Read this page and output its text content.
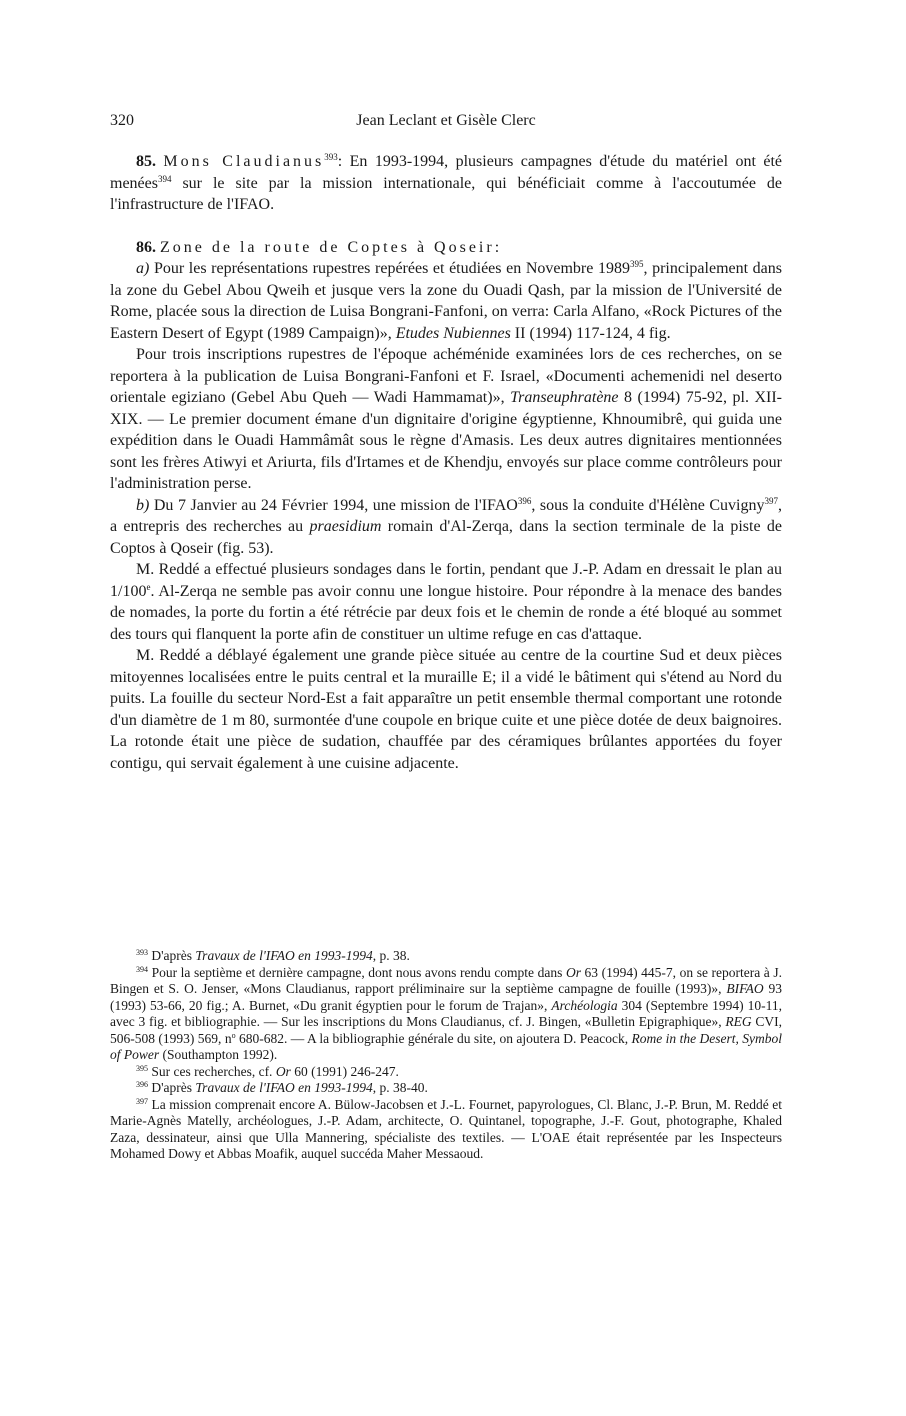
320	Jean Leclant et Gisèle Clerc

85. Mons Claudianus$^{393}$: En 1993-1994, plusieurs campagnes d'étude du matériel ont été menées$^{394}$ sur le site par la mission internationale, qui bénéficiait comme à l'accoutumée de l'infrastructure de l'IFAO.

86. Zone de la route de Coptes à Qoseir:

a) Pour les représentations rupestres repérées et étudiées en Novembre 1989$^{395}$, principalement dans la zone du Gebel Abou Qweih et jusque vers la zone du Ouadi Qash, par la mission de l'Université de Rome, placée sous la direction de Luisa Bongrani-Fanfoni, on verra: Carla Alfano, «Rock Pictures of the Eastern Desert of Egypt (1989 Campaign)», Etudes Nubiennes II (1994) 117-124, 4 fig.

Pour trois inscriptions rupestres de l'époque achéménide examinées lors de ces recherches, on se reportera à la publication de Luisa Bongrani-Fanfoni et F. Israel, «Documenti achemenidi nel deserto orientale egiziano (Gebel Abu Queh — Wadi Hammamat)», Transeuphratène 8 (1994) 75-92, pl. XII-XIX. — Le premier document émane d'un dignitaire d'origine égyptienne, Khnoumibrê, qui guida une expédition dans le Ouadi Hammâmât sous le règne d'Amasis. Les deux autres dignitaires mentionnées sont les frères Atiwyi et Ariurta, fils d'Irtames et de Khendju, envoyés sur place comme contrôleurs pour l'administration perse.

b) Du 7 Janvier au 24 Février 1994, une mission de l'IFAO$^{396}$, sous la conduite d'Hélène Cuvigny$^{397}$, a entrepris des recherches au praesidium romain d'Al-Zerqa, dans la section terminale de la piste de Coptos à Qoseir (fig. 53).

M. Reddé a effectué plusieurs sondages dans le fortin, pendant que J.-P. Adam en dressait le plan au 1/100e. Al-Zerqa ne semble pas avoir connu une longue histoire. Pour répondre à la menace des bandes de nomades, la porte du fortin a été rétrécie par deux fois et le chemin de ronde a été bloqué au sommet des tours qui flanquent la porte afin de constituer un ultime refuge en cas d'attaque.

M. Reddé a déblayé également une grande pièce située au centre de la courtine Sud et deux pièces mitoyennes localisées entre le puits central et la muraille E; il a vidé le bâtiment qui s'étend au Nord du puits. La fouille du secteur Nord-Est a fait apparaître un petit ensemble thermal comportant une rotonde d'un diamètre de 1 m 80, surmontée d'une coupole en brique cuite et une pièce dotée de deux baignoires. La rotonde était une pièce de sudation, chauffée par des céramiques brûlantes apportées du foyer contigu, qui servait également à une cuisine adjacente.

$^{393}$ D'après Travaux de l'IFAO en 1993-1994, p. 38.

$^{394}$ Pour la septième et dernière campagne, dont nous avons rendu compte dans Or 63 (1994) 445-7, on se reportera à J. Bingen et S. O. Jenser, «Mons Claudianus, rapport préliminaire sur la septième campagne de fouille (1993)», BIFAO 93 (1993) 53-66, 20 fig.; A. Burnet, «Du granit égyptien pour le forum de Trajan», Archéologia 304 (Septembre 1994) 10-11, avec 3 fig. et bibliographie. — Sur les inscriptions du Mons Claudianus, cf. J. Bingen, «Bulletin Epigraphique», REG CVI, 506-508 (1993) 569, $n^o$ 680-682. — A la bibliographie générale du site, on ajoutera D. Peacock, Rome in the Desert, Symbol of Power (Southampton 1992).

$^{395}$ Sur ces recherches, cf. Or 60 (1991) 246-247.

$^{396}$ D'après Travaux de l'IFAO en 1993-1994, p. 38-40.

$^{397}$ La mission comprenait encore A. Bülow-Jacobsen et J.-L. Fournet, papyrologues, Cl. Blanc, J.-P. Brun, M. Reddé et Marie-Agnès Matelly, archéologues, J.-P. Adam, architecte, O. Quintanel, topographe, J.-F. Gout, photographe, Khaled Zaza, dessinateur, ainsi que Ulla Mannering, spécialiste des textiles. — L'OAE était représentée par les Inspecteurs Mohamed Dowy et Abbas Moafik, auquel succéda Maher Messaoud.
